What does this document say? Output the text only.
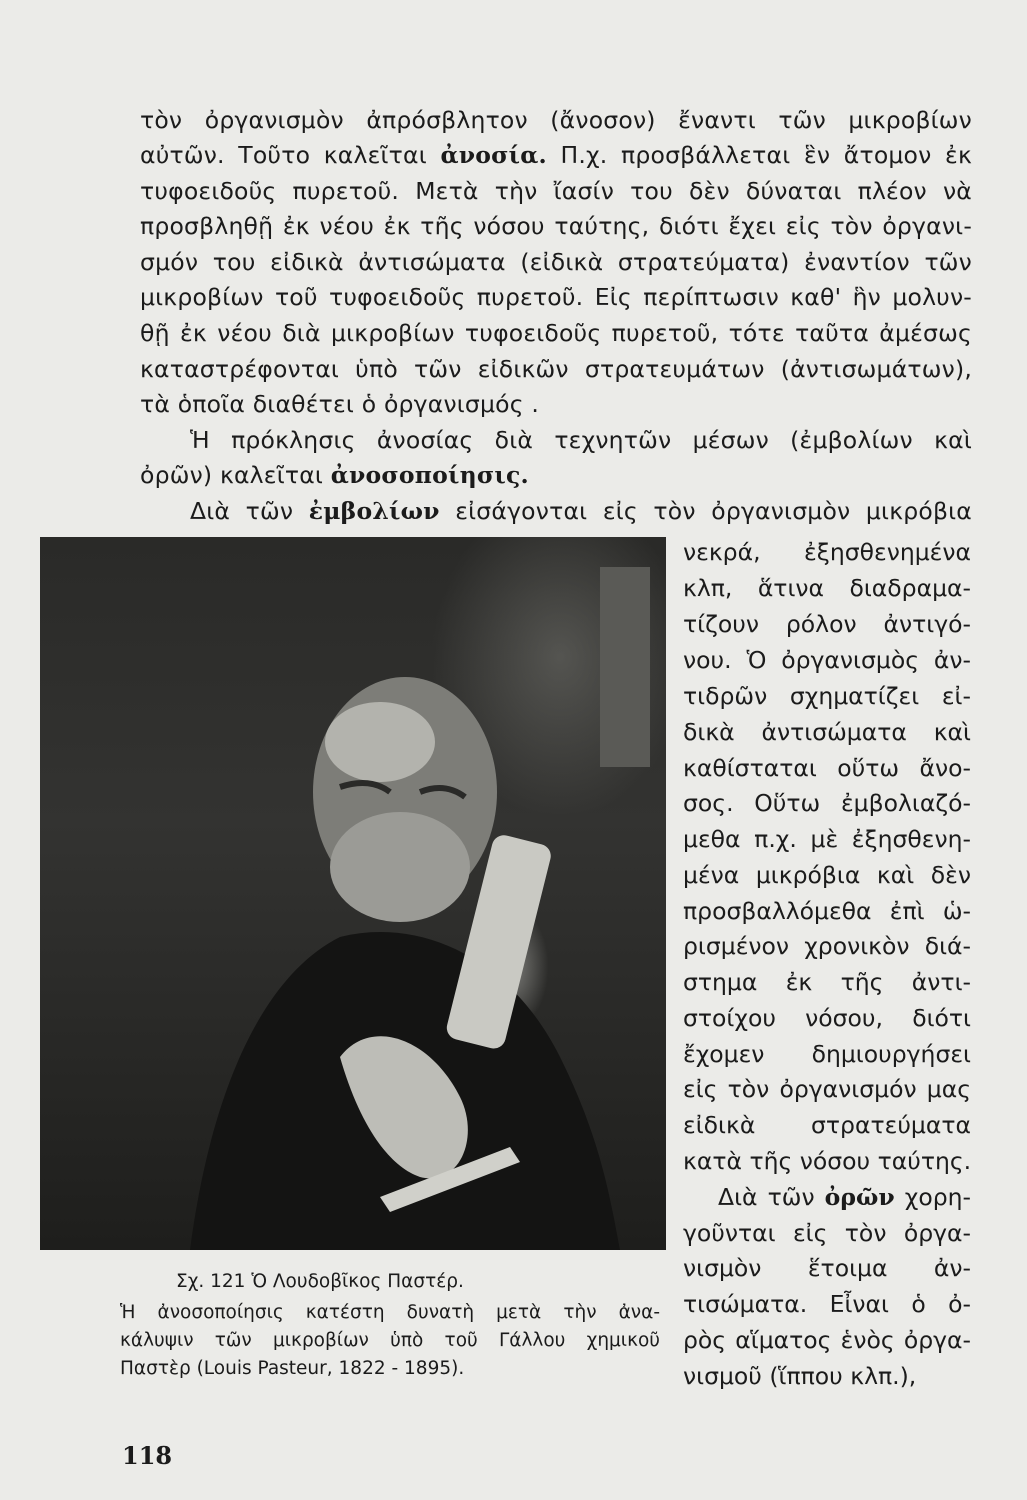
τὸν ὀργανισμὸν ἀπρόσβλητον (ἄνοσον) ἔναντι τῶν μικροβίων
αὐτῶν. Τοῦτο καλεῖται ἀνοσία. Π.χ. προσβάλλεται ἓν ἄτομον ἐκ
τυφοειδοῦς πυρετοῦ. Μετὰ τὴν ἴασίν του δὲν δύναται πλέον νὰ
προσβληθῇ ἐκ νέου ἐκ τῆς νόσου ταύτης, διότι ἔχει εἰς τὸν ὀργανι-
σμόν του εἰδικὰ ἀντισώματα (εἰδικὰ στρατεύματα) ἐναντίον τῶν
μικροβίων τοῦ τυφοειδοῦς πυρετοῦ. Εἰς περίπτωσιν καθ' ἣν μολυν-
θῇ ἐκ νέου διὰ μικροβίων τυφοειδοῦς πυρετοῦ, τότε ταῦτα ἀμέσως
καταστρέφονται ὑπὸ τῶν εἰδικῶν στρατευμάτων (ἀντισωμάτων),
τὰ ὁποῖα διαθέτει ὁ ὀργανισμός .
Ἡ πρόκλησις ἀνοσίας διὰ τεχνητῶν μέσων (ἐμβολίων καὶ
ὀρῶν) καλεῖται ἀνοσοποίησις.
Διὰ τῶν ἐμβολίων εἰσάγονται εἰς τὸν ὀργανισμὸν μικρόβια
νεκρά, ἐξησθενημένα
κλπ, ἅτινα διαδραμα-
τίζουν ρόλον ἀντιγό-
νου. Ὁ ὀργανισμὸς ἀν-
τιδρῶν σχηματίζει εἰ-
δικὰ ἀντισώματα καὶ
καθίσταται οὕτω ἄνο-
σος. Οὕτω ἐμβολιαζό-
μεθα π.χ. μὲ ἐξησθενη-
μένα μικρόβια καὶ δὲν
προσβαλλόμεθα ἐπὶ ὡ-
ρισμένον χρονικὸν διά-
στημα ἐκ τῆς ἀντι-
στοίχου νόσου, διότι
ἔχομεν δημιουργήσει
εἰς τὸν ὀργανισμόν μας
εἰδικὰ στρατεύματα
κατὰ τῆς νόσου ταύτης.
Διὰ τῶν ὀρῶν χορη-
γοῦνται εἰς τὸν ὀργα-
νισμὸν ἕτοιμα ἀν-
τισώματα. Εἶναι ὁ ὀ-
ρὸς αἵματος ἑνὸς ὀργα-
νισμοῦ (ἵππου κλπ.),
Σχ. 121 Ὁ Λουδοβῖκος Παστέρ.
Ἡ ἀνοσοποίησις κατέστη δυνατὴ μετὰ τὴν ἀνα-
κάλυψιν τῶν μικροβίων ὑπὸ τοῦ Γάλλου χημικοῦ
Παστὲρ (Louis Pasteur, 1822 - 1895).
118
